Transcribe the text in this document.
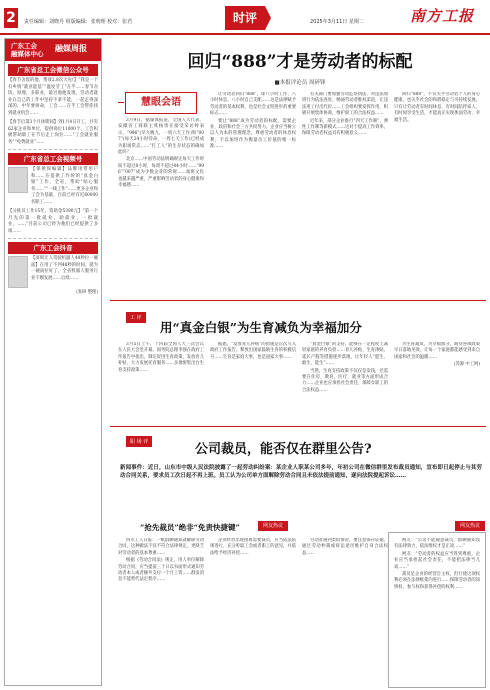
2	责任编辑：刘晓丹 组版编辑：张明理 校对：张君	时评	2025年3月11日 星期二	南方工报
广东工会
融媒体中心
融媒周报
广东省总工会微信公众号
【春节舍饭的他，帮效2.8次大见!】“我是一个有乡情“就业能基”“温度劳工”在乎……春节舍饭，原理，多职业，最近他他发现，劳动者就业在自己的工作中坚持不拿不能，一起走得深深的，中年要拼命，工会……在乎工会帮你找到就业机会……
【春节后第3个月休期间】到1月4日开工，共有62家企业和单位，提供岗位11000个，工会积极帮助职工在节后走上岗位……“工会就业服务”“免费就业”……
广东省总工会视频号
【保供保编辑】品牌用带用户和……在提供工作时的“真金白银”工作，全省，帮助“贴心服务……”“一线工作”……更多企业和工会为基础，目前已经有近60000名职工……
【分拣员工作15年，资助金5390元】“第一个月先的第一批就业，助就业，一批就业，……”目前公司已经为他们已经提供了多项……
广东工会抖音
【深圳无人驾驶机器人48秒拉一碗面】在用了不到48秒的时间，就为一碗面拉好了，全省机器人服务行业不断发展……后续……
(张研 整理)
回归“888”才是劳动者的标配
■本报评论员 周碎锋
慧眼会语

3月9日，据媒体报道，全国人大代表、安徽省工商联主席杨勇在接受采访时表示，“996”(早九晚九，一周六天工作)和“007”(每天24小时待命，一周七天工作)已经成为职场常态……“打工人”的生存状态的确如此吗？

北京……中国劳动法明确规定每天工作时间不超过8小时，每周不超过44小时……“996”“007”成为少数企业的常规……加班文化也越来越严重，严重影响劳动者的身心健康和幸福感……

让劳动者回归“888”，即八小时工作、八小时休息、八小时自己支配……这是法律赋予劳动者的基本权利，也是社会文明进步的重要标志……

要让“888”成为劳动者的标配，需要企业、政府和社会三方共同努力。企业应当树立以人为本的管理理念，尊重劳动者的休息权利，不以加班作为衡量员工价值的唯一标准……

有关部门要加强劳动监察执法，对违法加班行为依法查处，畅通劳动者维权渠道，让违法用工付出代价……工会组织要发挥作用，积极开展集体协商，维护职工的合法权益……

近年来，部分企业推行“四天工作制”、弹性工作制等新模式……这对于提高工作效率、保障劳动者权益具有积极意义……

回归“888”，不仅关乎劳动者个人的身心健康，也关乎社会的和谐稳定与可持续发展。只有让劳动者有时间休息、有时间陪伴家人、有时间享受生活，才能真正实现体面劳动、幸福生活。

工 评
用“真金白银”为生育减负为幸福加分

3月5日上午，十四届全国人大三次会议在人民大会堂开幕。国务院总理李强在政府工作报告中指出，制定促进生育政策，发放育儿补贴，大力发展托育服务……多地密集出台生育支持政策……

据悉，“发放育儿补贴”的措施是首次写入政府工作报告，释放出国家鼓励生育的积极信号……生育是家庭大事，也是国家大事……

“真金白银”的支持，能够在一定程度上减轻家庭的养育负担……育儿补贴、生育津贴、延长产假等措施逐步落地，让年轻人“愿生、敢生、能生”……

当然，生育支持政策不仅仅是发钱，还需要在住房、教育、医疗、就业等方面形成合力……企业也应承担社会责任，保障女职工的合法权益……

为生育减负，为幸福加分。期待各项政策早日落地见效，让每一个家庭都能感受到来自国家和社会的温暖……

(苏源 中工网)
职 场 评	公司裁员，能否仅在群里公告?
新闻事件：近日，山东市中级人民法院披露了一起劳动纠纷案：某企业人职某公司多年，年初公司在微信群里发布裁员通知，宣布即日起停止与其劳动合同关系，要求员工次日起不再上班。员工认为公司单方面解除劳动合同且未依法提前通知，遂向法院提起诉讼……
“抢先裁员”绝非“免责快捷键”	网友热议	网友热议

四川工人日报：一纸群聊通知就解除劳动合同，这种做法不仅不符合法律规定，更缺乏对劳动者的基本尊重……

根据《劳动合同法》规定，用人单位解除劳动合同，应当提前三十日以书面形式通知劳动者本人或者额外支付一个月工资……群发消息不能替代法定程序……

企业经营出现困难需要裁员，应当依法依规进行，充分听取工会或者职工的意见，并依法给予经济补偿……

劳动者遇到类似情况，要注意保存证据，通过劳动仲裁或诉讼途径维护自身合法权益……

网友：“公司不能随意裁员，群聊通知没有法律效力，依法维权才是正途……”

网友：“劳动者的权益应当得到尊重，企业应当承担起社会责任，不能把法律当儿戏……”

裁员是企业的经营自主权，但行使这项权利必须在法律框架内进行……保障劳动者的知情权、参与权和获得补偿的权利……
